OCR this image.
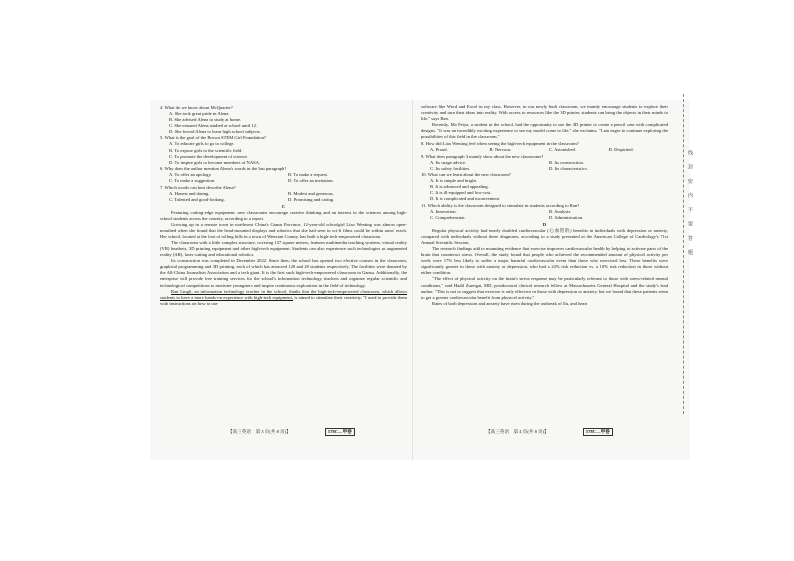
4. What do we know about McQuarter?
A. She took great pride in Alena.
B. She advised Alena to study at home.
C. She ensured Alena studied at school until 12.
D. She forced Alena to learn high school subjects.
5. What is the goal of the Brown STEM Girl Foundation?
A. To educate girls to go to college.
B. To expose girls to the scientific field.
C. To promote the development of science.
D. To inspire girls to become members of NASA.
6. Why does the author mention Alena's words in the last paragraph?
A. To offer an apology.	B. To make a request.
C. To make a suggestion.	D. To offer an invitation.
7. Which words can best describe Alena?
A. Honest and daring.	B. Modest and generous.
C. Talented and good-looking.	D. Promising and caring.
C
Featuring cutting-edge equipment, new classrooms encourage creative thinking and an interest in the sciences among high-school students across the country, according to a report.
Growing up in a remote town in northwest China's Gansu Province, 12-year-old schoolgirl Liao Wenting was almost open-mouthed when she found that the head-mounted displays and robotics that she had seen in sci-fi films could be within arms' reach. Her school, located at the foot of rolling hills in a town of Wenxian County, has built a high-tech-empowered classroom.
The classroom with a little complex structure, covering 137 square meters, features multimedia teaching systems, virtual reality (VR) headsets, 3D printing equipment and other high-tech equipment. Students can also experience such technologies as augmented reality (AR), laser cutting and educational robotics.
Its construction was completed in December 2022. Since then, the school has opened two elective courses in the classroom, graphical programming and 3D printing, each of which has attracted 120 and 20 students respectively. The facilities were donated by the All-China Journalists Association and a tech giant. It is the first such high-tech-empowered classroom in Gansu. Additionally, the enterprise will provide free training services for the school's information technology teachers and organize regular scientific and technological competitions to motivate youngsters and inspire continuous exploration in the field of technology.
Ran Lingli, an information technology teacher in the school, thinks that the high-tech-empowered classroom, which allows students to have a more hands-on experience with high-tech equipment, is aimed to stimulate their creativity. "I used to provide them with instructions on how to use
【高三英语　第 3 页(共 8 页)】	578C—甲卷
software like Word and Excel in my class. However, in our newly built classroom, we mainly encourage students to explore their creativity and turn their ideas into reality. With access to resources like the 3D printer, students can bring the objects in their minds to life," says Ran.
Recently, Ma Feiya, a student in the school, had the opportunity to use the 3D printer to create a pencil case with complicated designs. "It was an incredibly exciting experience to see my model come to life," she exclaims. "I am eager to continue exploring the possibilities of this field in the classroom."
8. How did Liao Wenting feel when seeing the high-tech equipment in the classroom?
A. Proud.	B. Nervous.	C. Astonished.	D. Dispirited.
9. What does paragraph 3 mainly show about the new classrooms?
A. Its usage advice.	B. Its construction.
C. Its safety facilities.	D. Its characteristics.
10. What can we learn about the new classroom?
A. It is simple and bright.
B. It is advanced and appealing.
C. It is ill-equipped and low-cost.
D. It is complicated and inconvenient.
11. Which ability is the classroom designed to stimulate in students according to Ran?
A. Innovation.	B. Analysis.
C. Comprehension.	D. Administration.
D
Regular physical activity had nearly doubled cardiovascular (心血管的) benefits in individuals with depression or anxiety, compared with individuals without these diagnoses, according to a study presented at the American College of Cardiology's 71st Annual Scientific Session.
The research findings add to mounting evidence that exercise improves cardiovascular health by helping to activate parts of the brain that counteract stress. Overall, the study found that people who achieved the recommended amount of physical activity per week were 17% less likely to suffer a major harmful cardiovascular event than those who exercised less. These benefits were significantly greater in those with anxiety or depression, who had a 22% risk reduction vs. a 10% risk reduction in those without either condition.
"The effect of physical activity on the brain's stress response may be particularly relevant to those with stress-related mental conditions," said Hadil Zureigat, MD, postdoctoral clinical research fellow at Massachusetts General Hospital and the study's lead author. "This is not to suggest that exercise is only effective in those with depression or anxiety, but we found that these patients seem to get a greater cardiovascular benefit from physical activity."
Rates of both depression and anxiety have risen during the outbreak of flu, and heart
【高三英语　第 4 页(共 8 页)】	578C—甲卷
线 封 密 内 不 要 答 题
